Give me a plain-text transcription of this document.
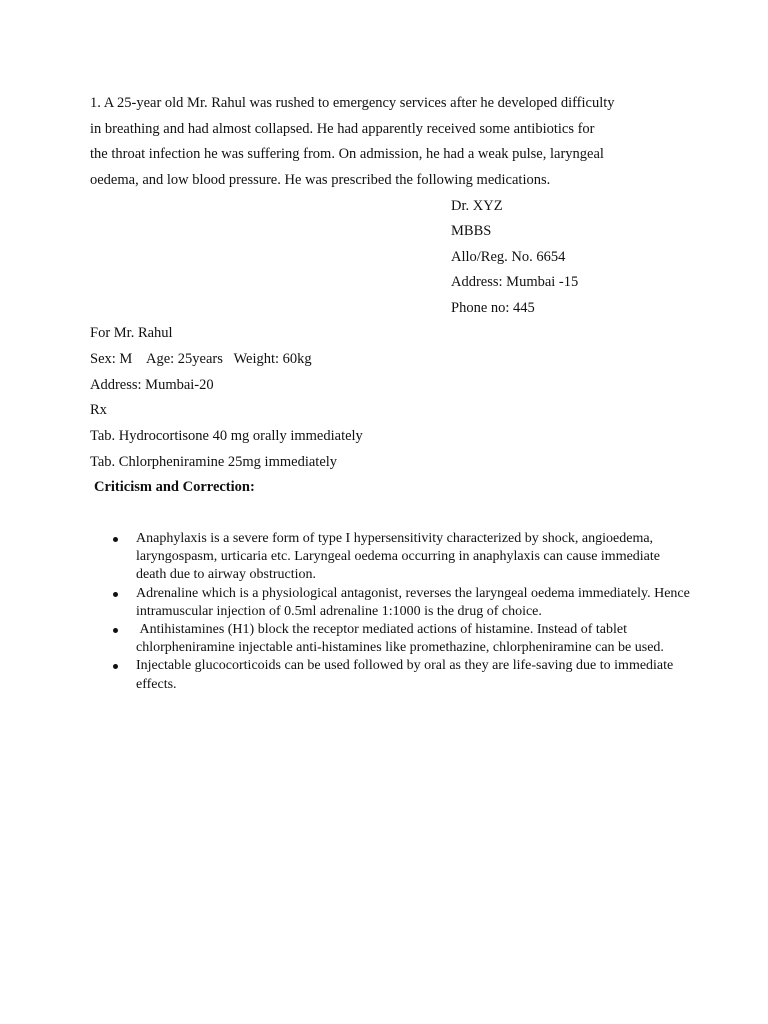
1. A 25-year old Mr. Rahul was rushed to emergency services after he developed difficulty
in breathing and had almost collapsed. He had apparently received some antibiotics for
the throat infection he was suffering from. On admission, he had a weak pulse, laryngeal
oedema, and low blood pressure. He was prescribed the following medications.
Dr. XYZ
MBBS
Allo/Reg. No. 6654
Address: Mumbai -15
Phone no: 445
For Mr. Rahul
Sex: M    Age: 25years   Weight: 60kg
Address: Mumbai-20
Rx
Tab. Hydrocortisone 40 mg orally immediately
Tab. Chlorpheniramine 25mg immediately
Criticism and Correction:
Anaphylaxis is a severe form of type I hypersensitivity characterized by shock, angioedema, laryngospasm, urticaria etc. Laryngeal oedema occurring in anaphylaxis can cause immediate death due to airway obstruction.
Adrenaline which is a physiological antagonist, reverses the laryngeal oedema immediately. Hence intramuscular injection of 0.5ml adrenaline 1:1000 is the drug of choice.
Antihistamines (H1) block the receptor mediated actions of histamine. Instead of tablet chlorpheniramine injectable anti-histamines like promethazine, chlorpheniramine can be used.
Injectable glucocorticoids can be used followed by oral as they are life-saving due to immediate effects.
